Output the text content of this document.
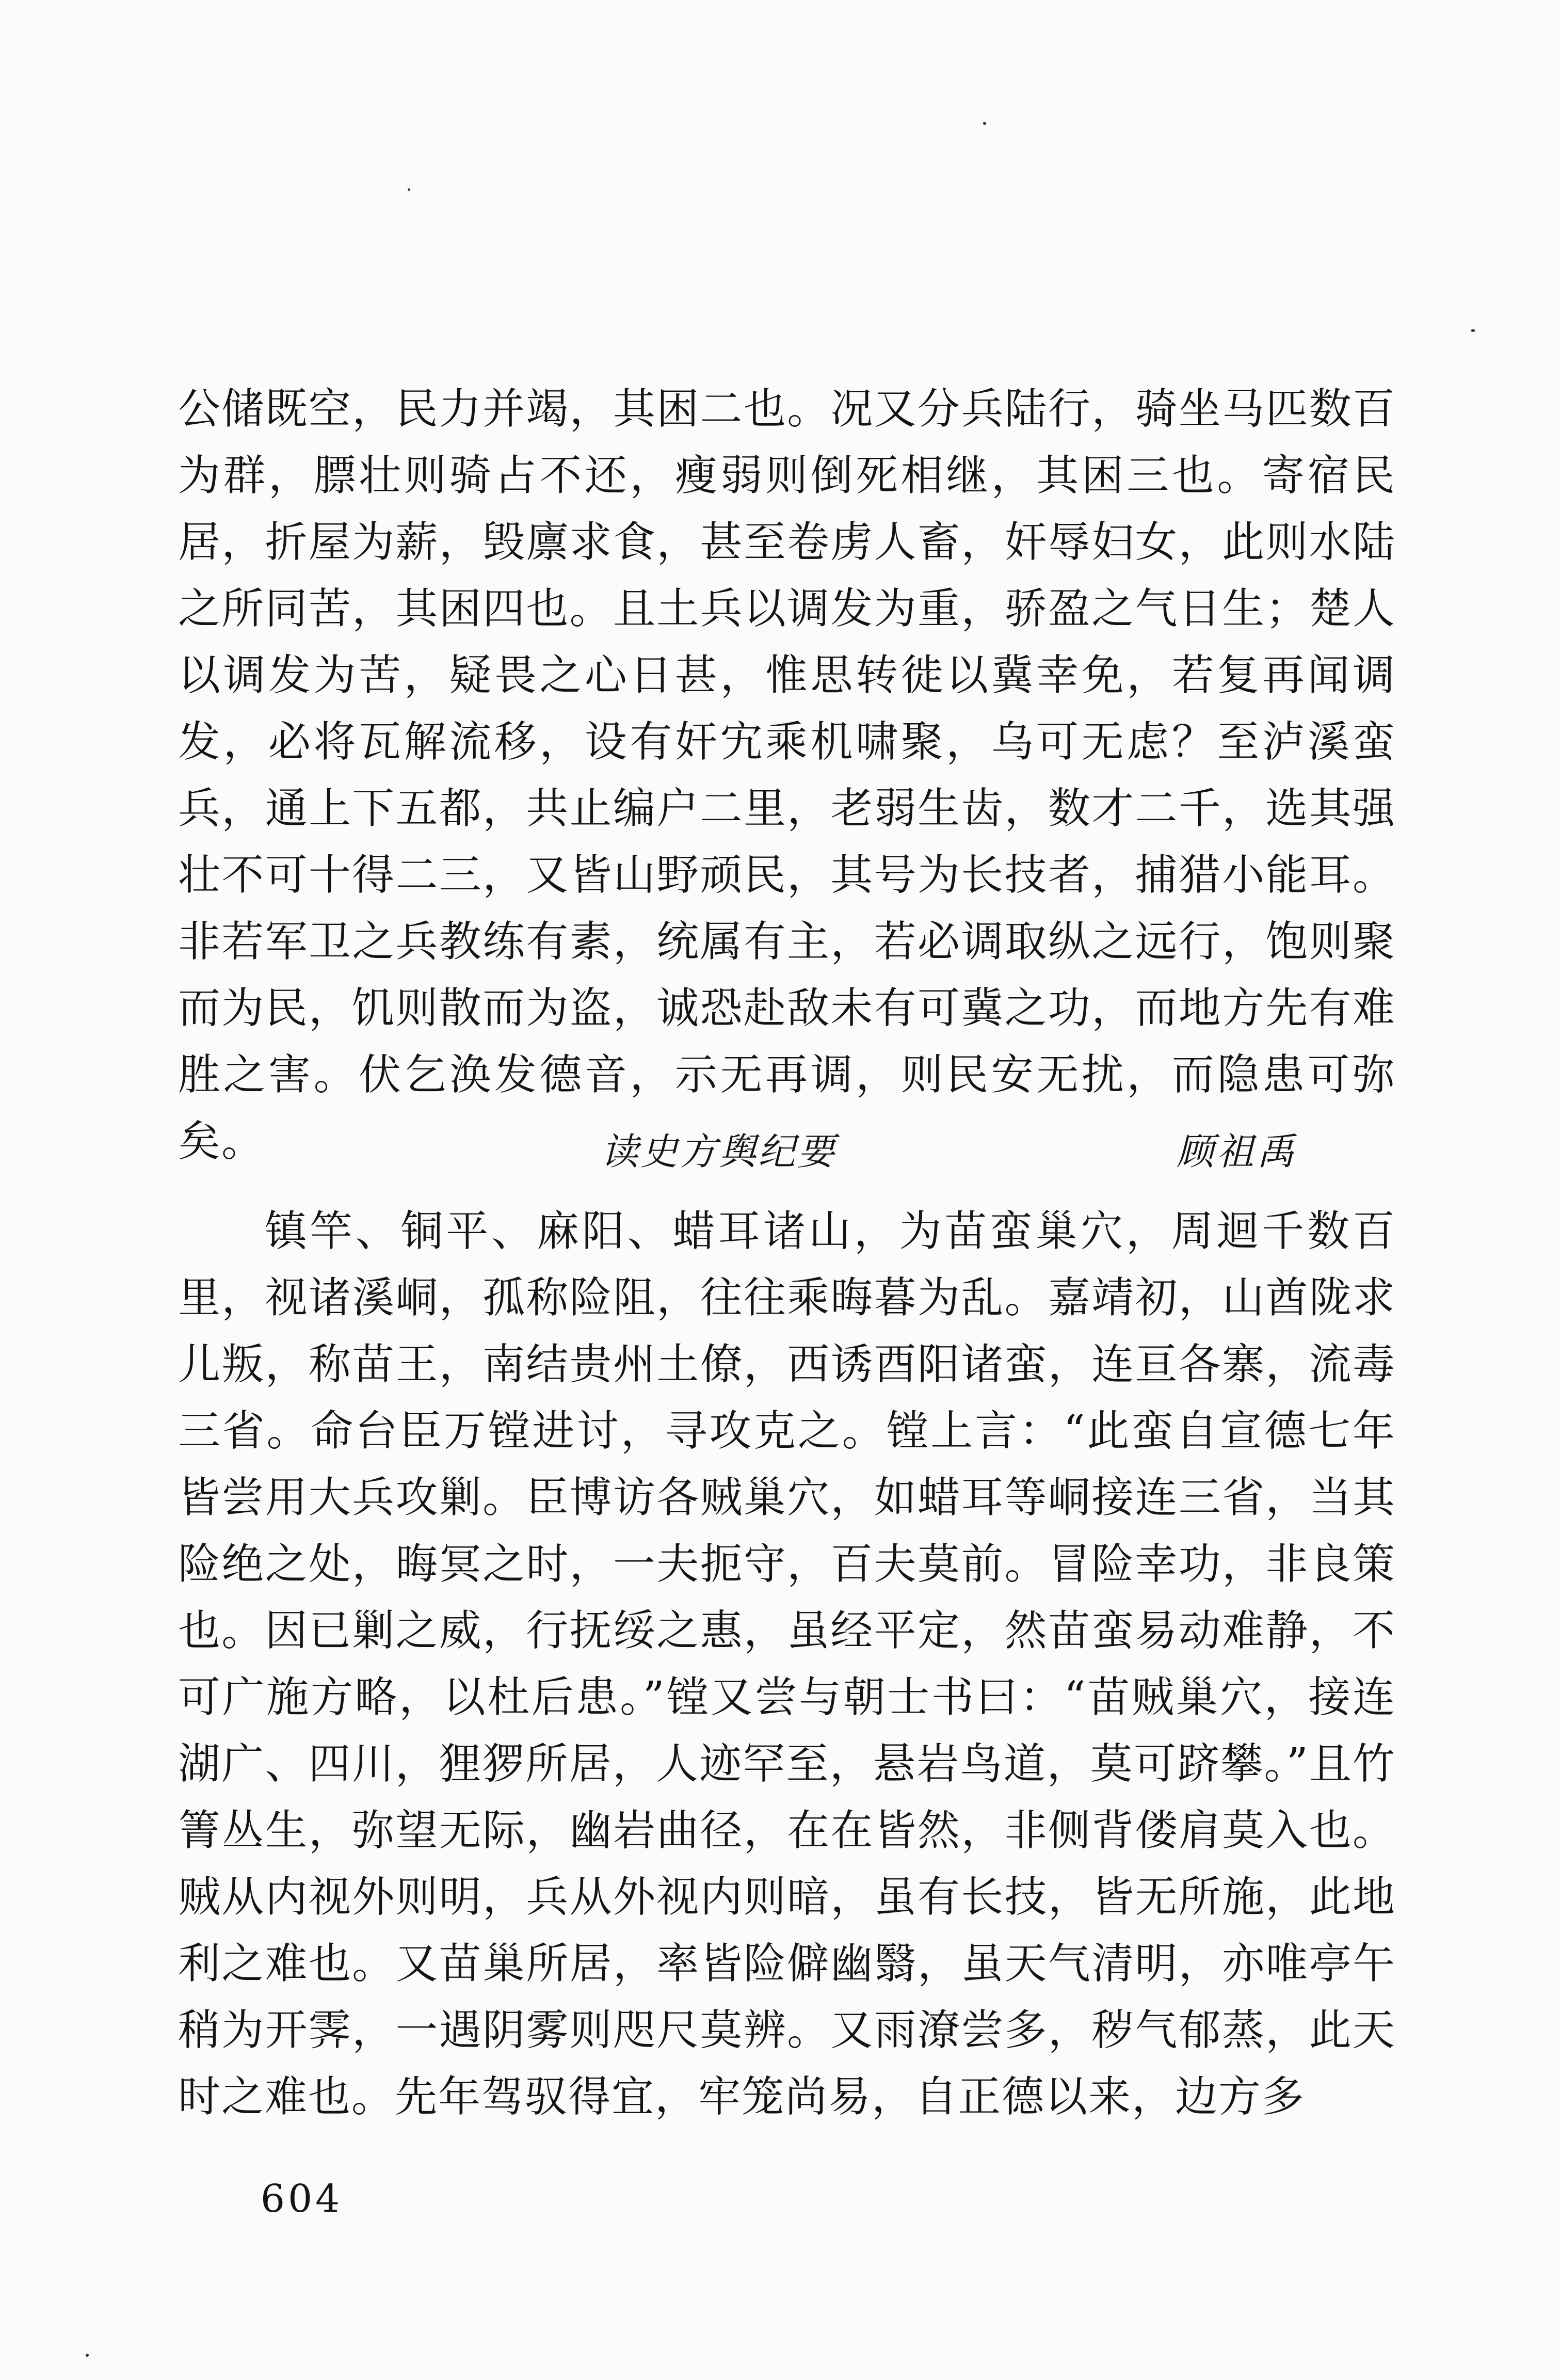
公储既空，民力并竭，其困二也。况又分兵陆行，骑坐马匹数百为群，膘壮则骑占不还，瘦弱则倒死相继，其困三也。寄宿民居，折屋为薪，毁廪求食，甚至卷虏人畜，奸辱妇女，此则水陆之所同苦，其困四也。且土兵以调发为重，骄盈之气日生；楚人以调发为苦，疑畏之心日甚，惟思转徙以冀幸免，若复再闻调发，必将瓦解流移，设有奸宄乘机啸聚，乌可无虑？至泸溪蛮兵，通上下五都，共止编户二里，老弱生齿，数才二千，选其强壮不可十得二三，又皆山野顽民，其号为长技者，捕猎小能耳。非若军卫之兵教练有素，统属有主，若必调取纵之远行，饱则聚而为民，饥则散而为盗，诚恐赴敌未有可冀之功，而地方先有难胜之害。伏乞涣发德音，示无再调，则民安无扰，而隐患可弥矣。	读史方舆纪要	顾祖禹

镇竿、铜平、麻阳、蜡耳诸山，为苗蛮巢穴，周迴千数百里，视诸溪峒，孤称险阻，往往乘晦暮为乱。嘉靖初，山酋陇求儿叛，称苗王，南结贵州土僚，西诱酉阳诸蛮，连亘各寨，流毒三省。命台臣万镗进讨，寻攻克之。镗上言：“此蛮自宣德七年皆尝用大兵攻剿。臣博访各贼巢穴，如蜡耳等峒接连三省，当其险绝之处，晦冥之时，一夫扼守，百夫莫前。冒险幸功，非良策也。因已剿之威，行抚绥之惠，虽经平定，然苗蛮易动难静，不可广施方略，以杜后患。”镗又尝与朝士书曰：“苗贼巢穴，接连湖广、四川，狸猡所居，人迹罕至，悬岩鸟道，莫可跻攀。”且竹箐丛生，弥望无际，幽岩曲径，在在皆然，非侧背偻肩莫入也。贼从内视外则明，兵从外视内则暗，虽有长技，皆无所施，此地利之难也。又苗巢所居，率皆险僻幽翳，虽天气清明，亦唯亭午稍为开霁，一遇阴雾则咫尺莫辨。又雨潦尝多，秽气郁蒸，此天时之难也。先年驾驭得宜，牢笼尚易，自正德以来，边方多

604
